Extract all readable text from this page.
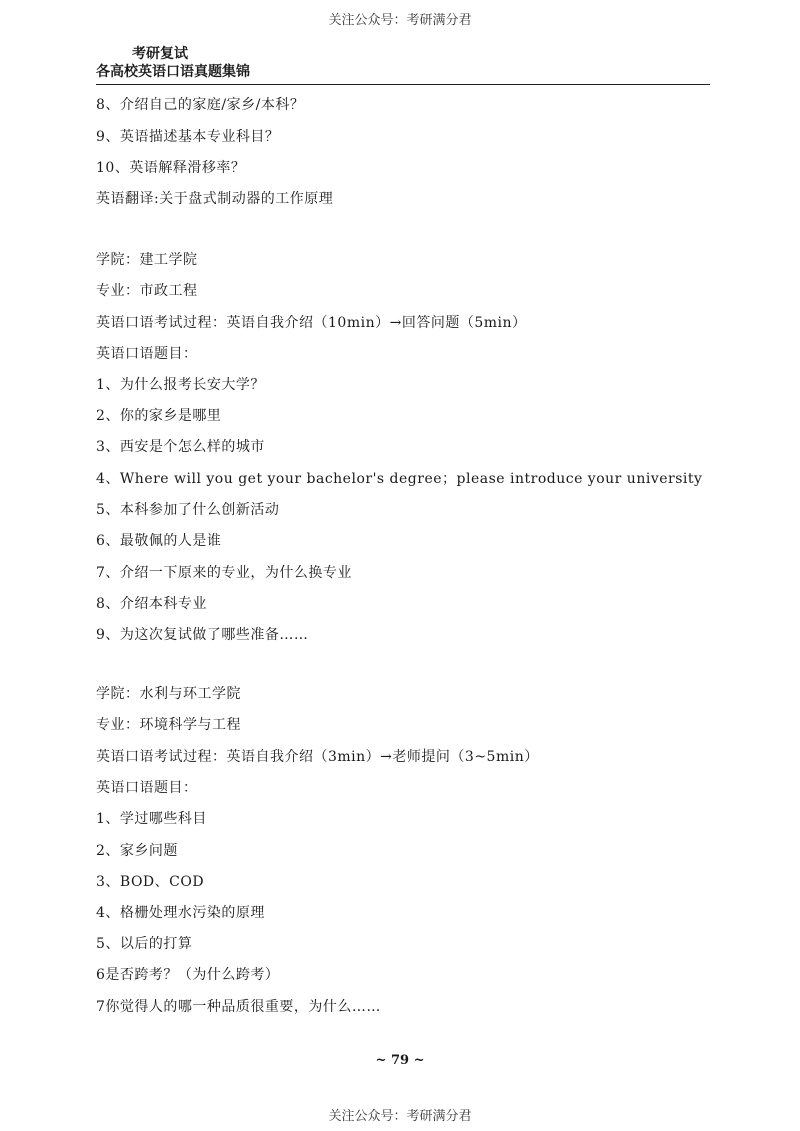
关注公众号：考研满分君
考研复试
各高校英语口语真题集锦
8、介绍自己的家庭/家乡/本科？
9、英语描述基本专业科目？
10、英语解释滑移率？
英语翻译:关于盘式制动器的工作原理
学院：建工学院
专业：市政工程
英语口语考试过程：英语自我介绍（10min）→回答问题（5min）
英语口语题目：
1、为什么报考长安大学？
2、你的家乡是哪里
3、西安是个怎么样的城市
4、Where will you get your bachelor's degree；please introduce your university
5、本科参加了什么创新活动
6、最敬佩的人是谁
7、介绍一下原来的专业，为什么换专业
8、介绍本科专业
9、为这次复试做了哪些准备……
学院：水利与环工学院
专业：环境科学与工程
英语口语考试过程：英语自我介绍（3min）→老师提问（3~5min）
英语口语题目：
1、学过哪些科目
2、家乡问题
3、BOD、COD
4、格栅处理水污染的原理
5、以后的打算
6是否跨考？（为什么跨考）
7你觉得人的哪一种品质很重要，为什么……
~ 79 ~
关注公众号：考研满分君
